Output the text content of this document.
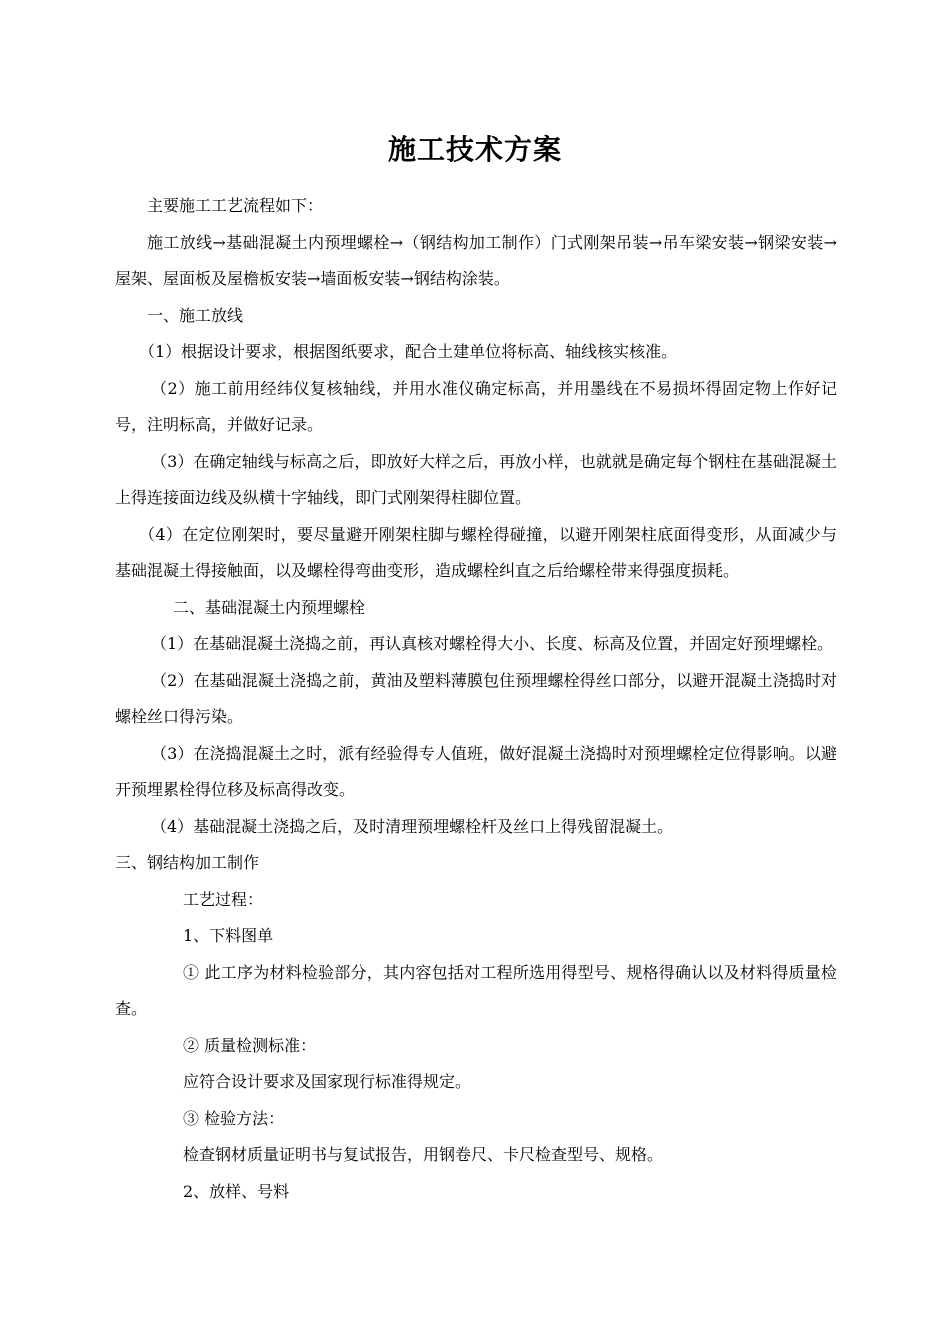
施工技术方案

主要施工工艺流程如下：

施工放线→基础混凝土内预埋螺栓→（钢结构加工制作）门式刚架吊装→吊车梁安装→钢梁安装→屋架、屋面板及屋檐板安装→墙面板安装→钢结构涂装。

一、施工放线

（1）根据设计要求，根据图纸要求，配合土建单位将标高、轴线核实核准。

（2）施工前用经纬仪复核轴线，并用水准仪确定标高，并用墨线在不易损坏得固定物上作好记号，注明标高，并做好记录。

（3）在确定轴线与标高之后，即放好大样之后，再放小样，也就就是确定每个钢柱在基础混凝土上得连接面边线及纵横十字轴线，即门式刚架得柱脚位置。

（4）在定位刚架时，要尽量避开刚架柱脚与螺栓得碰撞，以避开刚架柱底面得变形，从面减少与基础混凝土得接触面，以及螺栓得弯曲变形，造成螺栓纠直之后给螺栓带来得强度损耗。

二、基础混凝土内预埋螺栓

（1）在基础混凝土浇捣之前，再认真核对螺栓得大小、长度、标高及位置，并固定好预埋螺栓。

（2）在基础混凝土浇捣之前，黄油及塑料薄膜包住预埋螺栓得丝口部分，以避开混凝土浇捣时对螺栓丝口得污染。

（3）在浇捣混凝土之时，派有经验得专人值班，做好混凝土浇捣时对预埋螺栓定位得影响。以避开预埋累栓得位移及标高得改变。

（4）基础混凝土浇捣之后，及时清理预埋螺栓杆及丝口上得残留混凝土。

三、钢结构加工制作

工艺过程：

1、下料图单

① 此工序为材料检验部分，其内容包括对工程所选用得型号、规格得确认以及材料得质量检查。

② 质量检测标准：

应符合设计要求及国家现行标准得规定。

③ 检验方法：

检查钢材质量证明书与复试报告，用钢卷尺、卡尺检查型号、规格。

2、放样、号料
